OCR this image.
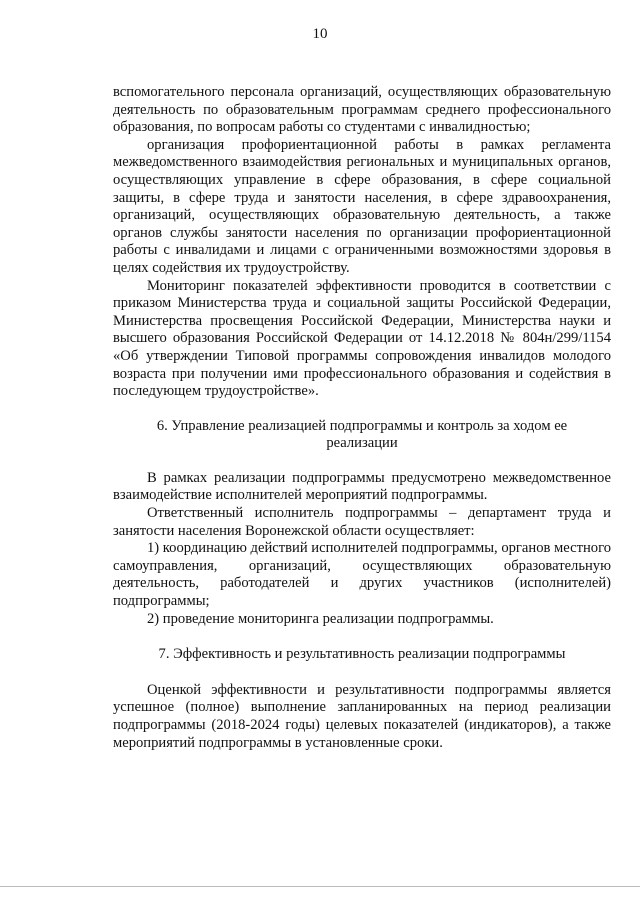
10

вспомогательного персонала организаций, осуществляющих образовательную деятельность по образовательным программам среднего профессионального образования, по вопросам работы со студентами с инвалидностью;

организация профориентационной работы в рамках регламента межведомственного взаимодействия региональных и муниципальных органов, осуществляющих управление в сфере образования, в сфере социальной защиты, в сфере труда и занятости населения, в сфере здравоохранения, организаций, осуществляющих образовательную деятельность, а также органов службы занятости населения по организации профориентационной работы с инвалидами и лицами с ограниченными возможностями здоровья в целях содействия их трудоустройству.

Мониторинг показателей эффективности проводится в соответствии с приказом Министерства труда и социальной защиты Российской Федерации, Министерства просвещения Российской Федерации, Министерства науки и высшего образования Российской Федерации от 14.12.2018 № 804н/299/1154 «Об утверждении Типовой программы сопровождения инвалидов молодого возраста при получении ими профессионального образования и содействия в последующем трудоустройстве».

6. Управление реализацией подпрограммы и контроль за ходом ее
реализации

В рамках реализации подпрограммы предусмотрено межведомственное взаимодействие исполнителей мероприятий подпрограммы.

Ответственный исполнитель подпрограммы – департамент труда и занятости населения Воронежской области осуществляет:

1) координацию действий исполнителей подпрограммы, органов местного самоуправления, организаций, осуществляющих образовательную деятельность, работодателей и других участников (исполнителей) подпрограммы;

2) проведение мониторинга реализации подпрограммы.

7. Эффективность и результативность реализации подпрограммы

Оценкой эффективности и результативности подпрограммы является успешное (полное) выполнение запланированных на период реализации подпрограммы (2018-2024 годы) целевых показателей (индикаторов), а также мероприятий подпрограммы в установленные сроки.
